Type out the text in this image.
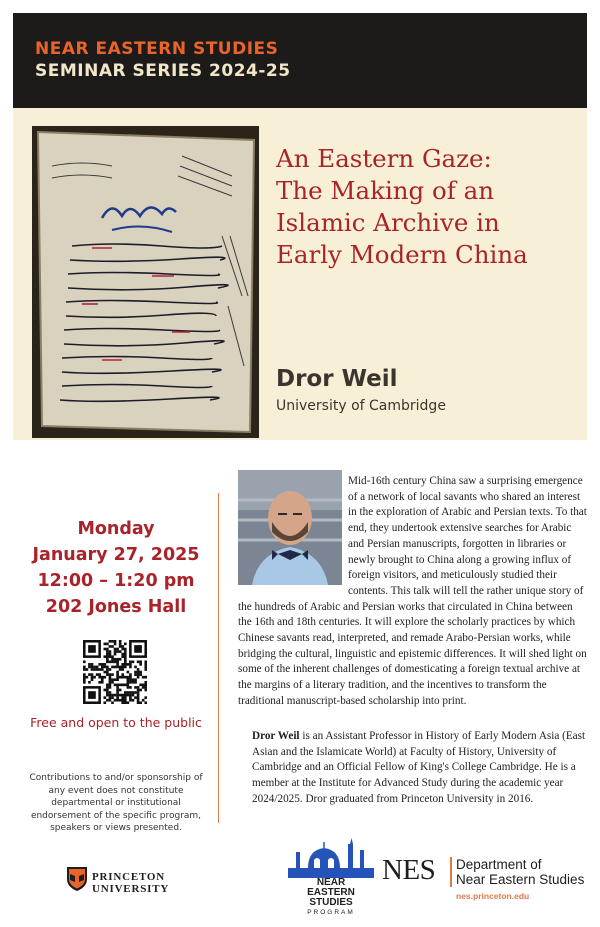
NEAR EASTERN STUDIES
SEMINAR SERIES 2024-25
An Eastern Gaze:
The Making of an
Islamic Archive in
Early Modern China
Dror Weil
University of Cambridge
Monday
January 27, 2025
12:00 – 1:20 pm
202 Jones Hall
Free and open to the public
Contributions to and/or sponsorship of any event does not constitute departmental or institutional endorsement of the specific program, speakers or views presented.
Mid-16th century China saw a surprising emergence of a network of local savants who shared an interest in the exploration of Arabic and Persian texts. To that end, they undertook extensive searches for Arabic and Persian manuscripts, forgotten in libraries or newly brought to China along a growing influx of foreign visitors, and meticulously studied their contents. This talk will tell the rather unique story of the hundreds of Arabic and Persian works that circulated in China between the 16th and 18th centuries. It will explore the scholarly practices by which Chinese savants read, interpreted, and remade Arabo-Persian works, while bridging the cultural, linguistic and epistemic differences. It will shed light on some of the inherent challenges of domesticating a foreign textual archive at the margins of a literary tradition, and the incentives to transform the traditional manuscript-based scholarship into print.
Dror Weil is an Assistant Professor in History of Early Modern Asia (East Asian and the Islamicate World) at Faculty of History, University of Cambridge and an Official Fellow of King's College Cambridge. He is a member at the Institute for Advanced Study during the academic year 2024/2025. Dror graduated from Princeton University in 2016.
PRINCETON
UNIVERSITY
NEAR
EASTERN
STUDIES
PROGRAM
NES Department of
Near Eastern Studies
nes.princeton.edu
